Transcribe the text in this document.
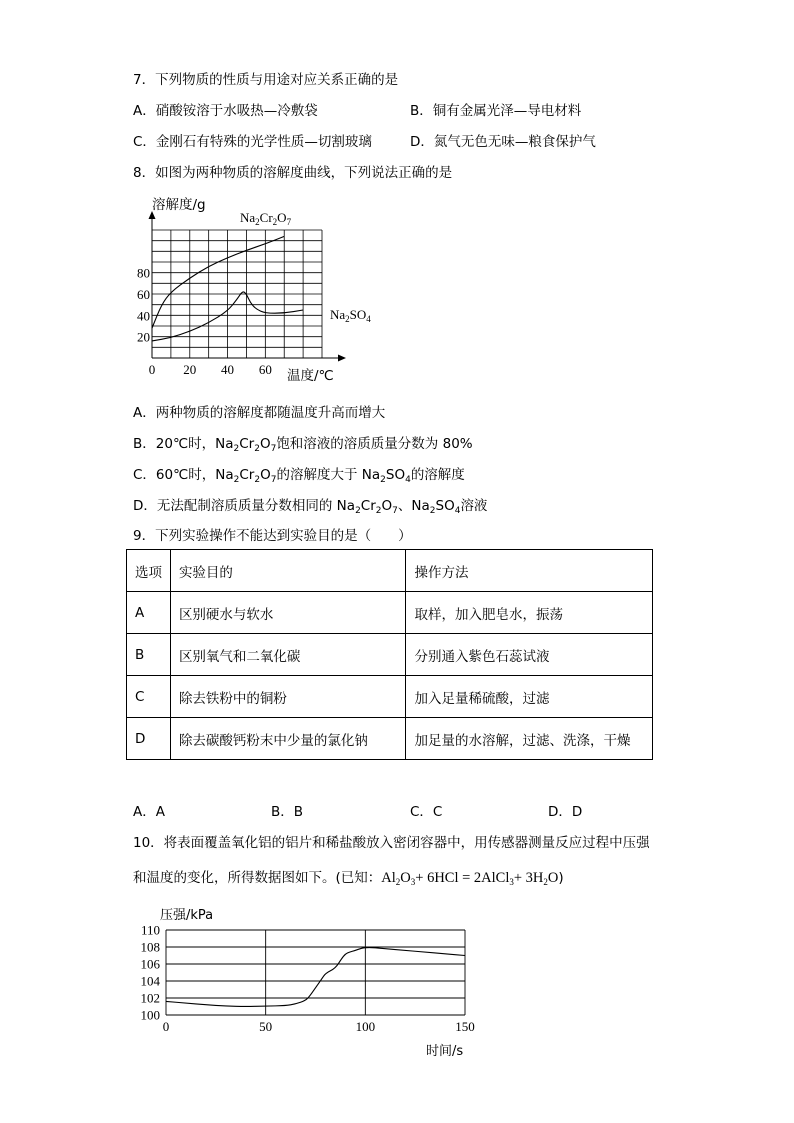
7．下列物质的性质与用途对应关系正确的是
A．硝酸铵溶于水吸热—冷敷袋	B．铜有金属光泽—导电材料
C．金刚石有特殊的光学性质—切割玻璃	D．氮气无色无味—粮食保护气
8．如图为两种物质的溶解度曲线，下列说法正确的是
0 20 40 60
20
40
60
80
溶解度/g
温度/℃
$Na_2Cr_2O_7$
$Na_2SO_4$
A．两种物质的溶解度都随温度升高而增大
B．20℃时，$Na_2Cr_2O_7$饱和溶液的溶质质量分数为 80%
C．60℃时，$Na_2Cr_2O_7$的溶解度大于 $Na_2SO_4$的溶解度
D．无法配制溶质质量分数相同的 $Na_2Cr_2O_7$、$Na_2SO_4$溶液
9．下列实验操作不能达到实验目的是（　　）
选项	实验目的	操作方法
A	区别硬水与软水	取样，加入肥皂水，振荡
B	区别氧气和二氧化碳	分别通入紫色石蕊试液
C	除去铁粉中的铜粉	加入足量稀硫酸，过滤
D	除去碳酸钙粉末中少量的氯化钠	加足量的水溶解，过滤、洗涤，干燥
A．A	B．B	C．C	D．D
10．将表面覆盖氧化铝的铝片和稀盐酸放入密闭容器中，用传感器测量反应过程中压强
和温度的变化，所得数据图如下。(已知：$Al_2O_3+ 6HCl$ = 2AlCl$_3$+ $3H_2O$)
0	50	100	150
100
102
104
106
108
110
压强/kPa
时间/s
